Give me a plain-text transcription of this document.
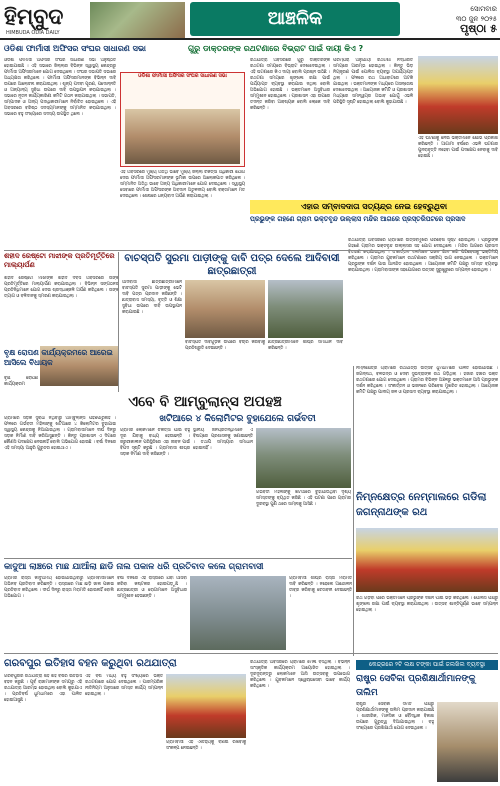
ହିମ୍ବୁଦ
HIMBUDA ODIA DAILY
ଆଞ୍ଚଳିକ	ସୋମବାର
୩୦ ଜୁନ ୨୦୨୫
ପୃଷ୍ଠା ୫
ଓଡିଶା ଫାର୍ମାସୀ ଅଫିସର ସଂଘର ସାଧାରଣ ସଭା
ଓଡିଶା ଫାର୍ମାସୀ ଅଫିସର ସଂଘର ସାଧାରଣ ସଭା ଅନୁଷ୍ଠିତ ହୋଇଯାଇଛି । ଏହି ସଭାରେ ଜିଲ୍ଲାର ବିଭିନ୍ନ ସ୍ୱାସ୍ଥ୍ୟ କେନ୍ଦ୍ରରୁ ଫାର୍ମାସୀ ଅଫିସରମାନେ ଯୋଗ ଦେଇଥିଲେ । ସଂଘର ସଭାପତି ସଭାରେ ଅଧ୍ୟକ୍ଷତା କରିଥିଲେ । ଫାର୍ମାସୀ ଅଫିସରମାନଙ୍କ ବିଭିନ୍ନ ଦାବି ଉପରେ ଆଲୋଚନା କରାଯାଇଥିଲା । ଶୂନ୍ୟ ପଦବୀ ପୂରଣ, ପଦୋନ୍ନତି ଓ ଅନ୍ୟାନ୍ୟ ସୁବିଧା ଉପରେ ଦାବି ଉପସ୍ଥାପନ କରାଯାଇଥିଲା । ସଭାରେ ନୂତନ କାର୍ଯ୍ୟକାରିଣୀ କମିଟି ଗଠନ କରାଯାଇଥିଲା । ସଭାପତି, ସମ୍ପାଦକ ଓ ଅନ୍ୟ ପଦାଧିକାରୀମାନେ ନିର୍ବାଚିତ ହୋଇଥିଲେ । ଏହି ଅବସରରେ ବରିଷ୍ଠ ସଦସ୍ୟମାନଙ୍କୁ ସମ୍ମାନିତ କରାଯାଇଥିଲା । ସଭାରେ ବହୁ ସଂଖ୍ୟାରେ ସଦସ୍ୟ ଉପସ୍ଥିତ ଥିଲେ ।
ଓଡିଶା ଫାର୍ମାସୀ ଅଫିସର ସଂଘର ସାଧାରଣ ସଭା
ଏହି ଅବସରରେ ମୁଖ୍ୟ ଅତିଥି ଭାବେ ମୁଖ୍ୟ ଜିଲ୍ଲା ଚିକିତ୍ସା ଅଧିକାରୀ ଯୋଗ ଦେଇ ଫାର୍ମାସୀ ଅଫିସରମାନଙ୍କ ଭୂମିକା ଉପରେ ଆଲୋକପାତ କରିଥିଲେ । ସମ୍ମାନିତ ଅତିଥି ଭାବେ ଅନ୍ୟ ଅଧିକାରୀମାନେ ଯୋଗ ଦେଇଥିଲେ । ସ୍ୱାସ୍ଥ୍ୟ ସେବାରେ ଫାର୍ମାସୀ ଅଫିସରଙ୍କ ଅବଦାନ ଅତୁଳନୀୟ ବୋଲି ବକ୍ତାମାନେ ମତ ଦେଇଥିଲେ । ଶେଷରେ ଧନ୍ୟବାଦ ଅର୍ପଣ କରାଯାଇଥିଲା ।
ଗୁରୁ ଡାକ୍ତରଙ୍କ ରଥଟଣାରେ ବିଭ୍ରାଟ ପାଇଁ ଦାୟୀ କିଏ ?
ରଥଯାତ୍ରା ଅବସରରେ ଗୁରୁ ଡାକ୍ତରଙ୍କ ରଥଟଣା ସମୟରେ ବିଭ୍ରାଟ ଦେଖାଦେଇଥିଲା । ଏହି ଘଟଣାରେ କିଏ ଦାୟୀ ବୋଲି ପ୍ରଶ୍ନ ଉଠିଛି । ରଥଟଣା ସମୟରେ ଶୃଙ୍ଖଳା ରକ୍ଷା ପାଇଁ ପର୍ଯ୍ୟାପ୍ତ ବ୍ୟବସ୍ଥା କରାଯାଇ ନଥିଲା ବୋଲି ଅଭିଯୋଗ ହୋଇଛି । ଭକ୍ତମାନେ ଅସୁବିଧାର ସମ୍ମୁଖୀନ ହୋଇଥିଲେ । ପ୍ରଶାସନ ଏହା ଉପରେ ତଦନ୍ତ କରିବା ଆବଶ୍ୟକ ବୋଲି ଲୋକେ ଦାବି କରିଛନ୍ତି ।
ପରମ୍ପରା ଅନୁଯାୟୀ ରଥଟଣା ନିର୍ଦ୍ଧାରିତ ସମୟରେ ଆରମ୍ଭ ହୋଇଥିଲା । କିନ୍ତୁ ଭିଡ଼ ନିୟନ୍ତ୍ରଣ ପାଇଁ ପୋଲିସ ବ୍ୟବସ୍ଥା ଅପର୍ଯ୍ୟାପ୍ତ ଥିଲା । ଫଳରେ ରଥ ଅଧାବାଟରେ ଅଟକି ଯାଇଥିଲା । ଭକ୍ତମାନଙ୍କ ମଧ୍ୟରେ ଅସନ୍ତୋଷ ଦେଖାଦେଇଥିଲା । ଆୟୋଜକ କମିଟି ଓ ପ୍ରଶାସନ ମଧ୍ୟରେ ସମନ୍ୱୟର ଅଭାବ ଯୋଗୁଁ ଏଭଳି ପରିସ୍ଥିତି ସୃଷ୍ଟି ହୋଇଥିଲା ବୋଲି କୁହାଯାଉଛି ।
ଏହି ଘଟଣାକୁ ନେଇ ଭକ୍ତମାନେ କ୍ଷୋଭ ପ୍ରକାଶ କରିଛନ୍ତି । ଆଗାମୀ ବର୍ଷରେ ଏଭଳି ଘଟଣାର ପୁନରାବୃତ୍ତି ନହେବା ପାଇଁ ପଦକ୍ଷେପ ନେବାକୁ ଦାବି ହୋଇଛି ।
ଏହାର ସମ୍ବାଦଦାତା ସତ୍ୟନ୍ଦ୍ର ନେଇ ହେବ୍ରୁଥିବା
ପ୍ରଭୁଙ୍କ ଗହଣେ ଗ୍ରାମ ଭକ୍ତବୃନ୍ଦ ଉଲ୍ଲାସ ମନ୍ଦିର ଆଗରେ ପ୍ରସ୍ତରିପଟରେ ପ୍ରସାଦ
ବାଚସ୍ପତି ସୁରମା ପାଡ଼ୀଙ୍କୁ ଦାବି ପତ୍ର ଦେଲେ ଆଦିବାସୀ ଛାତ୍ରଛାତ୍ରୀ
ଆଦିବାସୀ ଛାତ୍ରଛାତ୍ରୀମାନେ ବାଚସ୍ପତି ସୁରମା ପାଡ଼ୀଙ୍କୁ ଭେଟି ଦାବି ପତ୍ର ପ୍ରଦାନ କରିଛନ୍ତି । ଛାତ୍ରାବାସ ସମସ୍ୟା, ବୃତ୍ତି ଓ ଶିକ୍ଷା ସୁବିଧା ଉପରେ ଦାବି ଉପସ୍ଥାପନ କରାଯାଇଛି ।
ବାଚସ୍ପତି ଦାବିଗୁଡ଼ିକ ଉପରେ ବିଚାର କରିବାକୁ ପ୍ରତିଶ୍ରୁତି ଦେଇଛନ୍ତି ।
ଛାତ୍ରଛାତ୍ରୀମାନେ ଶୀଘ୍ର ସମାଧାନ ଦାବି କରିଛନ୍ତି ।
ରଥଯାତ୍ରା ଅବସରରେ ଗ୍ରାମରେ ଉତ୍ସବମୁଖର ପରିବେଶ ସୃଷ୍ଟି ହୋଇଥିଲା । ପ୍ରଭୁଙ୍କ ଗହଣେ ଗ୍ରାମର ଭକ୍ତବୃନ୍ଦ ଉଲ୍ଲାସର ସହ ଯୋଗ ଦେଇଥିଲେ । ମନ୍ଦିର ଆଗରେ ପ୍ରସାଦ ବିତରଣ କରାଯାଇଥିଲା । ସଂକୀର୍ତ୍ତନ ଦଳମାନେ ଭଜନ ଗାନ କରି ପରିବେଶକୁ ଭକ୍ତିମୟ କରିଥିଲେ । ଗ୍ରାମର ଯୁବକମାନେ ରଥଟଣାରେ ସକ୍ରିୟ ଭାଗ ନେଇଥିଲେ । ଭକ୍ତମାନେ ପ୍ରଭୁଙ୍କ ଦର୍ଶନ ପାଇ ଆନନ୍ଦିତ ହୋଇଥିଲେ । ଆୟୋଜକ କମିଟି ପକ୍ଷରୁ ସମସ୍ତ ବ୍ୟବସ୍ଥା କରାଯାଇଥିଲା । ଗ୍ରାମବାସୀଙ୍କ ସହଯୋଗରେ ଉତ୍ସବ ସୁରୁଖୁରୁରେ ସମ୍ପନ୍ନ ହୋଇଥିଲା ।
ଶହୀଦ ରେଷ୍ଟୋ ମାଝୀଙ୍କ ପ୍ରତିମୂର୍ତ୍ତିରେ ମାଲ୍ୟାର୍ପଣ
ଶହୀଦ ରେଷ୍ଟୋ ମାଝୀଙ୍କ ଶହୀଦ ଦିବସ ଅବସରରେ ତାଙ୍କ ପ୍ରତିମୂର୍ତ୍ତିରେ ମାଲ୍ୟାର୍ପଣ କରାଯାଇଥିଲା । ବିଭିନ୍ନ ସଙ୍ଗଠନର ପ୍ରତିନିଧିମାନେ ଯୋଗ ଦେଇ ଶ୍ରଦ୍ଧାଞ୍ଜଳି ଅର୍ପଣ କରିଥିଲେ । ତାଙ୍କ ତ୍ୟାଗ ଓ ବଳିଦାନକୁ ସ୍ମରଣ କରାଯାଇଥିଲା ।
ବୃକ୍ଷ ରୋପଣ କାର୍ଯ୍ୟକ୍ରମରେ ଆରେଇ ଆସିଲେ ବିଧାୟକ
ବୃକ୍ଷ ରୋପଣ କାର୍ଯ୍ୟକ୍ରମ
ଏବେ ବି ଆମ୍ବୁଲାନ୍ସ ଅପହଞ୍ଚ
ଖଟିଆରେ ୪ କିଲୋମିଟର ବୁହାଯେଲେ ଗର୍ଭବତୀ
ଗ୍ରାମରେ ସଡ଼କ ସୁବିଧା ନଥିବାରୁ ଆମ୍ବୁଲାନ୍ସ ପହଞ୍ଚିପାରୁନାହିଁ । ଫଳରେ ଗର୍ଭବତୀ ମହିଳାଙ୍କୁ ଖଟିଆରେ ୪ କିଲୋମିଟର ବୁହାଯାଇ ସ୍ୱାସ୍ଥ୍ୟ କେନ୍ଦ୍ରକୁ ନିଆଯାଇଥିଲା । ଗ୍ରାମବାସୀମାନେ ଦୀର୍ଘ ଦିନରୁ ସଡ଼କ ନିର୍ମାଣ ଦାବି କରିଆସୁଛନ୍ତି । କିନ୍ତୁ ପ୍ରଶାସନ ଏ ଦିଗରେ କୌଣସି ପଦକ୍ଷେପ ନେଇନାହିଁ ବୋଲି ଅଭିଯୋଗ ହୋଇଛି । ବର୍ଷା ଦିନରେ ଏହି ସମସ୍ୟା ଆହୁରି ଗୁରୁତର ହୋଇଥାଏ ।
ଗ୍ରାମର ଲୋକମାନେ ଚିକିତ୍ସା ପାଇଁ ବହୁ ଦୂର ଯିବାକୁ ବାଧ୍ୟ ହେଉଛନ୍ତି । ଜରୁରୀକାଳୀନ ପରିସ୍ଥିତିରେ ଏହା ଜୀବନ ପାଇଁ ବିପଦ ସୃଷ୍ଟି କରୁଛି । ଗ୍ରାମବାସୀ ଶୀଘ୍ର ସଡ଼କ ନିର୍ମାଣ ଦାବି କରିଛନ୍ତି ।
ସ୍ଥାନୀୟ ଜନପ୍ରତିନିଧିମାନେ ଏ ବିଷୟରେ ପ୍ରଶାସନକୁ ଜଣାଇଛନ୍ତି । ତଥାପି ସମସ୍ୟାର ସମାଧାନ ହୋଇନାହିଁ ।
ଗର୍ଭବତୀ ମହିଳାଙ୍କୁ ଖଟିଆରେ ବୁହାଯାଉଥିବା ଦୃଶ୍ୟ ସମସ୍ତଙ୍କୁ ବ୍ୟଥିତ କରିଛି । ଏହି ଘଟଣା ପରେ ଗ୍ରାମର ଦୁରବସ୍ଥା ପୁଣି ଥରେ ସାମ୍ନାକୁ ଆସିଛି ।
ନିମ୍ନକ୍ଷେତ୍ର ଗ୍ରାମରେ ରଥଯାତ୍ରା ଉତ୍ସବ ଧୁମଧାମରେ ପାଳିତ ହୋଇଯାଇଛି । ଜଗନ୍ନାଥ, ବଳଭଦ୍ର ଓ ଦେବୀ ସୁଭଦ୍ରାଙ୍କ ରଥ ଗଡ଼ିଥିଲା । ହଜାର ହଜାର ଭକ୍ତ ରଥଟଣାରେ ଯୋଗ ଦେଇଥିଲେ । ଗ୍ରାମର ବିଭିନ୍ନ ଅଞ୍ଚଳରୁ ଭକ୍ତମାନେ ଆସି ପ୍ରଭୁଙ୍କ ଦର୍ଶନ କରିଥିଲେ । ସଂକୀର୍ତ୍ତନ ଓ ଭଜନରେ ପରିବେଶ ମୁଖରିତ ହୋଇଥିଲା । ଆୟୋଜକ କମିଟି ପକ୍ଷରୁ ପାନୀୟ ଜଳ ଓ ପ୍ରସାଦ ବ୍ୟବସ୍ଥା କରାଯାଇଥିଲା ।
ନିମ୍ନକ୍ଷେତ୍ର ନେମ୍ମାଲରେ ଗଡିଲା ଜଗନ୍ନାଥଙ୍କ ରଥ
କାଦୁଆ ଲାଞ୍ଚରେ ମାଛ ଯାଆଁଲା ଛାଡି ନାଲ ପକାଳ ଧରି ପ୍ରତିବାଦ କଲେ ଗ୍ରାମବାସୀ
ଗ୍ରାମର ରାସ୍ତା କାଦୁଅମୟ ହୋଇଯାଇଥିବାରୁ ଗ୍ରାମବାସୀମାନେ ଅଭିନବ ପ୍ରତିବାଦ କରିଛନ୍ତି । ରାସ୍ତାରେ ମାଛ ଛାଡ଼ି ଜାଲ ପକାଇ ପ୍ରତିବାଦ କରିଥିଲେ । ଦୀର୍ଘ ଦିନରୁ ରାସ୍ତା ମରାମତି ହୋଇନାହିଁ ବୋଲି ଅଭିଯୋଗ ।
ବର୍ଷା ଦିନରେ ଏହି ରାସ୍ତାରେ ଯିବା ଆସିବା କରିବା କଷ୍ଟକର ହୋଇପଡ଼ୁଛି । ଛାତ୍ରଛାତ୍ରୀ ଓ ରୋଗୀମାନେ ଅସୁବିଧାର ସମ୍ମୁଖୀନ ହେଉଛନ୍ତି ।
ଗ୍ରାମବାସୀ ଶୀଘ୍ର ରାସ୍ତା ମରାମତି ଦାବି କରିଛନ୍ତି । ନହେଲେ ଆନ୍ଦୋଳନ ତୀବ୍ର କରିବାକୁ ଚେତାବନୀ ଦେଇଛନ୍ତି ।
ରଥ ଗଡ଼ିବା ପରେ ଭକ୍ତମାନେ ପ୍ରଭୁଙ୍କ ଦର୍ଶନ ପାଇଁ ଭିଡ଼ କରିଥିଲେ । ପୋଲିସ ପକ୍ଷରୁ ଶୃଙ୍ଖଳା ରକ୍ଷା ପାଇଁ ବ୍ୟବସ୍ଥା କରାଯାଇଥିଲା । ଉତ୍ସବ ଶାନ୍ତିପୂର୍ଣ୍ଣ ଭାବେ ସମ୍ପନ୍ନ ହୋଇଥିଲା ।
ଗରବପୁର ଇତିହାସ ବହନ କରୁଥିବା ରଥଯାତ୍ରା
ଗରବପୁରର ରଥଯାତ୍ରା ଶହ ଶହ ବର୍ଷର ଇତିହାସ ବହନ କରୁଛି । ପୂର୍ବ ରାଜାମାନଙ୍କ ସମୟରୁ ଏହି ରଥଯାତ୍ରା ଆରମ୍ଭ ହୋଇଥିଲା ବୋଲି କୁହାଯାଏ । ପ୍ରତିବର୍ଷ ଧୁମଧାମରେ ଏହା ପାଳିତ ହୋଇଆସୁଛି ।
ଏହି ବର୍ଷ ମଧ୍ୟ ବହୁ ସଂଖ୍ୟାରେ ଭକ୍ତ ରଥଟଣାରେ ଯୋଗ ଦେଇଥିଲେ । ପାରମ୍ପରିକ ନୀତିନିୟମ ଅନୁସାରେ ସମସ୍ତ କାର୍ଯ୍ୟ ସମ୍ପନ୍ନ ହୋଇଥିଲା ।
ଗ୍ରାମବାସୀ ଏହି ଐତିହ୍ୟକୁ ବଞ୍ଚାଇ ରଖିବାକୁ ସଂକଳ୍ପ ନେଇଛନ୍ତି ।
ରଥଯାତ୍ରା ଅବସରରେ ଗ୍ରାମରେ ମେଳା ବସିଥିଲା । ବିଭିନ୍ନ ସାଂସ୍କୃତିକ କାର୍ଯ୍ୟକ୍ରମ ଆୟୋଜିତ ହୋଇଥିଲା । ଦୂରଦୂରାନ୍ତରୁ ଲୋକମାନେ ଆସି ଉତ୍ସବକୁ ଉପଭୋଗ କରିଥିଲେ । ଯୁବକମାନେ ସ୍ୱେଚ୍ଛାସେବୀ ଭାବେ କାର୍ଯ୍ୟ କରିଥିଲେ ।	କେନ୍ଦ୍ରରେ ୨ଟି ଲକ୍ଷ ଟଙ୍କା ପାଇଁ ଜଲଖିଲ ବ୍ୟବସ୍ଥା
ରାଷ୍ଟ୍ର ସେବିକା ପ୍ରଶିକ୍ଷାର୍ଥୀମାନଙ୍କୁ ତାଲିମ
ରାଷ୍ଟ୍ର ସେବିକା ସମିତି ପକ୍ଷରୁ ପ୍ରଶିକ୍ଷାର୍ଥୀମାନଙ୍କୁ ତାଲିମ ପ୍ରଦାନ କରାଯାଇଛି । ଶାରୀରିକ, ମାନସିକ ଓ ବୌଦ୍ଧିକ ବିକାଶ ଉପରେ ଗୁରୁତ୍ୱ ଦିଆଯାଇଥିଲା । ବହୁ ସଂଖ୍ୟାରେ ପ୍ରଶିକ୍ଷାର୍ଥୀ ଯୋଗ ଦେଇଥିଲେ ।
